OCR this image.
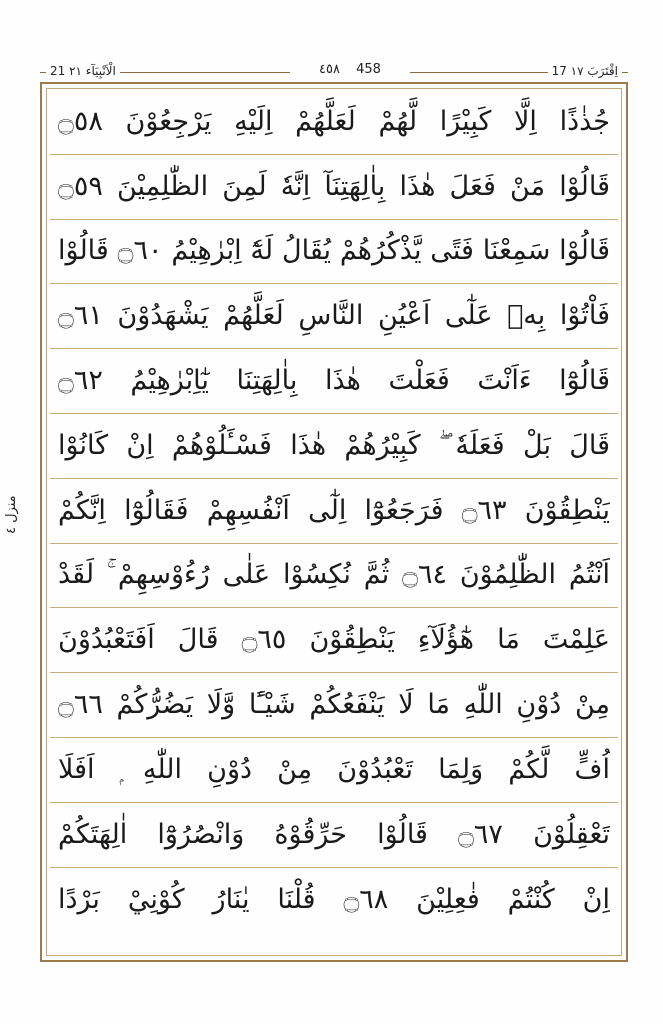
21 الْاَنْبِيَآء ٢١	٤٥٨ 458	17 اِقْتَرَبَ ١٧
منزل ٤
جُذٰذًا اِلَّا كَبِيْرًا لَّهُمْ لَعَلَّهُمْ اِلَيْهِ يَرْجِعُوْنَ ۝٥٨
قَالُوْا مَنْ فَعَلَ هٰذَا بِاٰلِهَتِنَآ اِنَّهٗ لَمِنَ الظّٰلِمِيْنَ ۝٥٩
قَالُوْا سَمِعْنَا فَتًى يَّذْكُرُهُمْ يُقَالُ لَهٗٓ اِبْرٰهِيْمُ ۝٦٠ قَالُوْا
فَاْتُوْا بِهٖ عَلٰٓى اَعْيُنِ النَّاسِ لَعَلَّهُمْ يَشْهَدُوْنَ ۝٦١
قَالُوْٓا ءَاَنْتَ فَعَلْتَ هٰذَا بِاٰلِهَتِنَا يٰٓاِبْرٰهِيْمُ ۝٦٢
قَالَ بَلْ فَعَلَهٗ ۖ كَبِيْرُهُمْ هٰذَا فَسْـَٔلُوْهُمْ اِنْ كَانُوْا
يَنْطِقُوْنَ ۝٦٣ فَرَجَعُوْٓا اِلٰٓى اَنْفُسِهِمْ فَقَالُوْٓا اِنَّكُمْ
اَنْتُمُ الظّٰلِمُوْنَ ۝٦٤ ثُمَّ نُكِسُوْا عَلٰى رُءُوْسِهِمْ ۚ لَقَدْ
عَلِمْتَ مَا هٰٓؤُلَآءِ يَنْطِقُوْنَ ۝٦٥ قَالَ اَفَتَعْبُدُوْنَ
مِنْ دُوْنِ اللّٰهِ مَا لَا يَنْفَعُكُمْ شَيْـًٔا وَّلَا يَضُرُّكُمْ ۝٦٦
اُفٍّ لَّكُمْ وَلِمَا تَعْبُدُوْنَ مِنْ دُوْنِ اللّٰهِ ۭ اَفَلَا
تَعْقِلُوْنَ ۝٦٧ قَالُوْا حَرِّقُوْهُ وَانْصُرُوْٓا اٰلِهَتَكُمْ
اِنْ كُنْتُمْ فٰعِلِيْنَ ۝٦٨ قُلْنَا يٰنَارُ كُوْنِيْ بَرْدًا
